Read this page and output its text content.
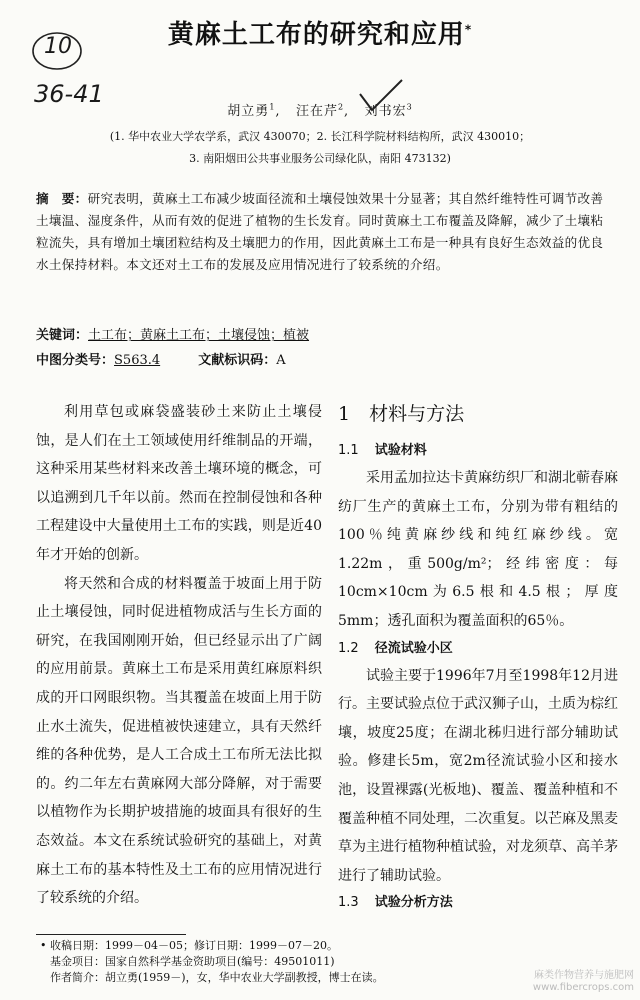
10
36-41
黄麻土工布的研究和应用*
胡立勇$^1$,   汪在芹$^2$,   刘书宏$^3$
(1. 华中农业大学农学系，武汉 430070；2. 长江科学院材料结构所，武汉 430010；
3. 南阳烟田公共事业服务公司绿化队，南阳 473132)
摘　要：研究表明，黄麻土工布减少坡面径流和土壤侵蚀效果十分显著；其自然纤维特性可调节改善土壤温、湿度条件，从而有效的促进了植物的生长发育。同时黄麻土工布覆盖及降解，减少了土壤粘粒流失，具有增加土壤团粒结构及土壤肥力的作用，因此黄麻土工布是一种具有良好生态效益的优良水土保持材料。本文还对土工布的发展及应用情况进行了较系统的介绍。
关键词：土工布；黄麻土工布；土壤侵蚀；植被
中图分类号：S563.4	文献标识码：A

利用草包或麻袋盛装砂土来防止土壤侵蚀，是人们在土工领域使用纤维制品的开端，这种采用某些材料来改善土壤环境的概念，可以追溯到几千年以前。然而在控制侵蚀和各种工程建设中大量使用土工布的实践，则是近40年才开始的创新。

将天然和合成的材料覆盖于坡面上用于防止土壤侵蚀，同时促进植物成活与生长方面的研究，在我国刚刚开始，但已经显示出了广阔的应用前景。黄麻土工布是采用黄红麻原料织成的开口网眼织物。当其覆盖在坡面上用于防止水土流失，促进植被快速建立，具有天然纤维的各种优势，是人工合成土工布所无法比拟的。约二年左右黄麻网大部分降解，对于需要以植物作为长期护坡措施的坡面具有很好的生态效益。本文在系统试验研究的基础上，对黄麻土工布的基本特性及土工布的应用情况进行了较系统的介绍。

1　材料与方法
1.1 试验材料

采用孟加拉达卡黄麻纺织厂和湖北蕲春麻纺厂生产的黄麻土工布，分别为带有粗结的100％纯黄麻纱线和纯红麻纱线。宽1.22m，重500g/m²；经纬密度：每10cm×10cm为6.5根和4.5根；厚度5mm；透孔面积为覆盖面积的65％。

1.2 径流试验小区

试验主要于1996年7月至1998年12月进行。主要试验点位于武汉狮子山，土质为棕红壤，坡度25度；在湖北秭归进行部分辅助试验。修建长5m，宽2m径流试验小区和接水池，设置裸露(光板地)、覆盖、覆盖种植和不覆盖种植不同处理，二次重复。以芒麻及黑麦草为主进行植物种植试验，对龙须草、高羊茅进行了辅助试验。

1.3 试验分析方法
• 收稿日期：1999－04－05；修订日期：1999－07－20。
基金项目：国家自然科学基金资助项目(编号：49501011)
作者简介：胡立勇(1959－)，女，华中农业大学副教授，博士在读。	麻类作物营养与施肥网
www.fibercrops.com
